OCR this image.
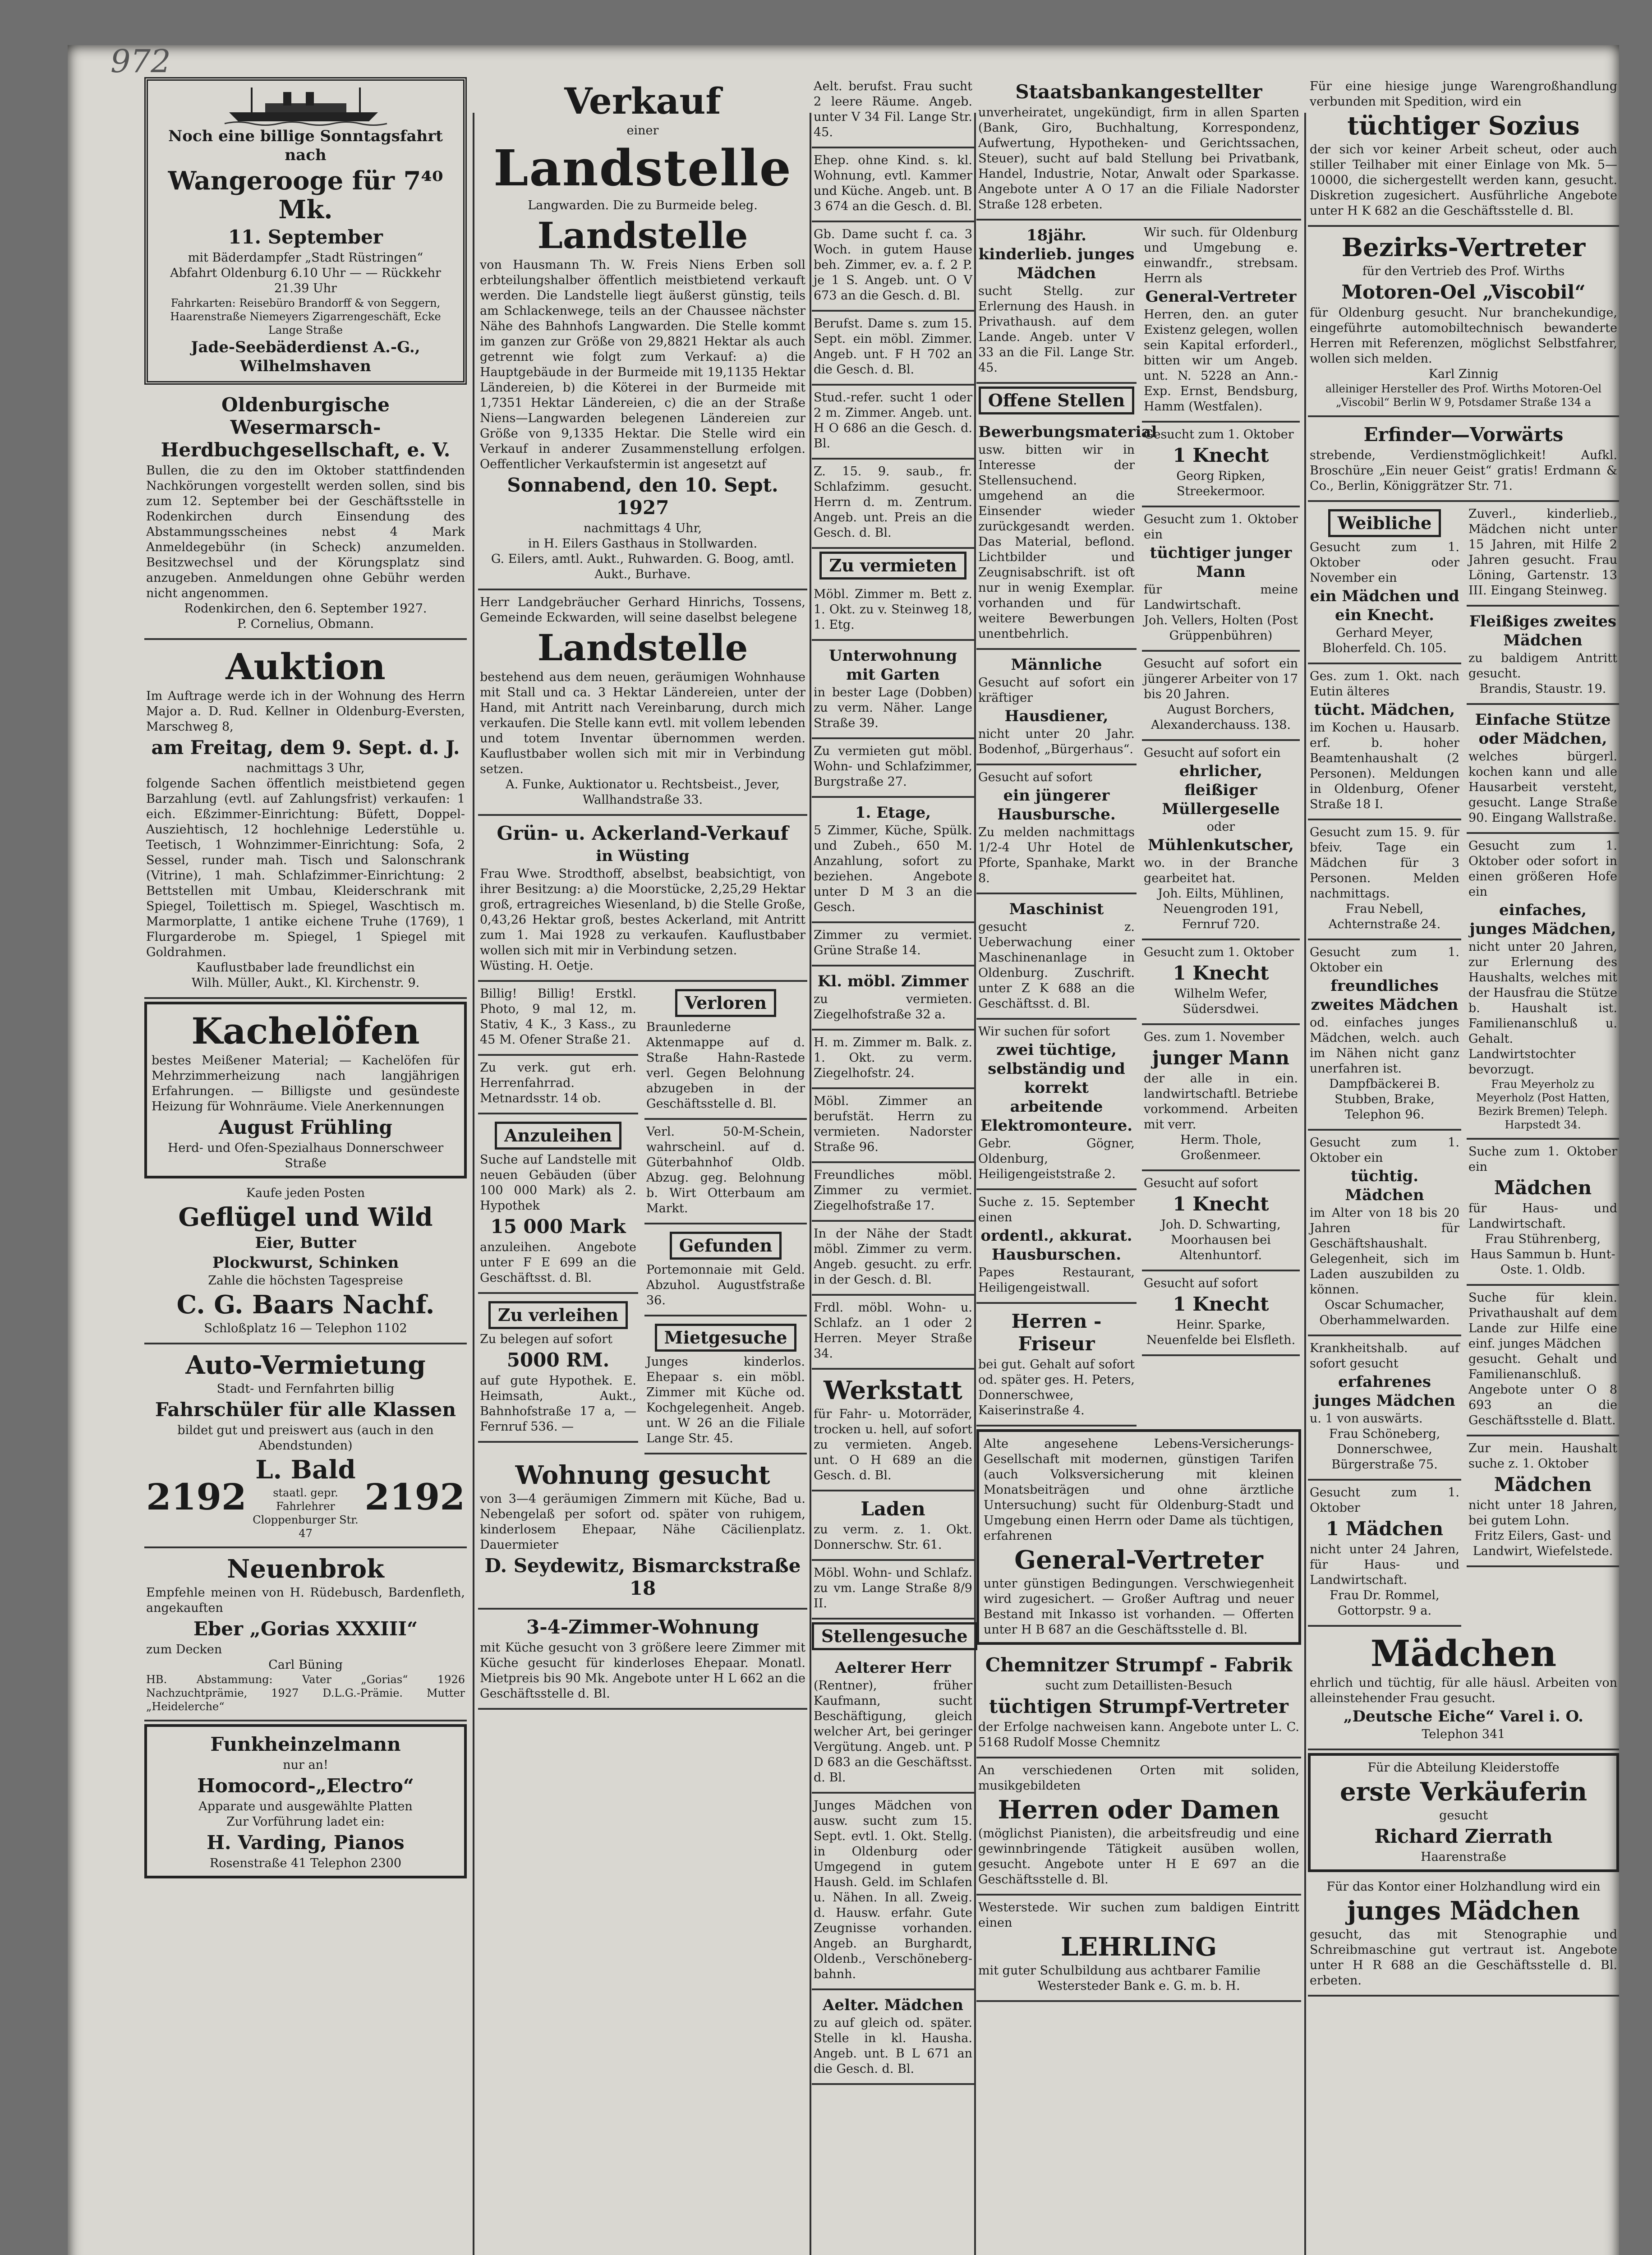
972
Noch eine billige Sonntagsfahrt nach
Wangerooge für 7⁴⁰ Mk.
11. September

mit Bäderdampfer „Stadt Rüstringen“

Abfahrt Oldenburg 6.10 Uhr — — Rückkehr 21.39 Uhr

Fahrkarten: Reisebüro Brandorff & von Seggern, Haarenstraße Niemeyers Zigarrengeschäft, Ecke Lange Straße

Jade-Seebäderdienst A.-G., Wilhelmshaven
Oldenburgische Wesermarsch-Herdbuchgesellschaft, e. V.

Bullen, die zu den im Oktober stattfindenden Nachkörungen vorgestellt werden sollen, sind bis zum 12. September bei der Geschäftsstelle in Rodenkirchen durch Einsendung des Abstammungsscheines nebst 4 Mark Anmeldegebühr (in Scheck) anzumelden. Besitzwechsel und der Körungsplatz sind anzugeben. Anmeldungen ohne Gebühr werden nicht angenommen.

Rodenkirchen, den 6. September 1927.

P. Cornelius, Obmann.

Auktion

Im Auftrage werde ich in der Wohnung des Herrn Major a. D. Rud. Kellner in Oldenburg-Eversten, Marschweg 8,

am Freitag, dem 9. Sept. d. J.

nachmittags 3 Uhr,

folgende Sachen öffentlich meistbietend gegen Barzahlung (evtl. auf Zahlungsfrist) verkaufen: 1 eich. Eßzimmer-Einrichtung: Büfett, Doppel-Ausziehtisch, 12 hochlehnige Lederstühle u. Teetisch, 1 Wohnzimmer-Einrichtung: Sofa, 2 Sessel, runder mah. Tisch und Salonschrank (Vitrine), 1 mah. Schlafzimmer-Einrichtung: 2 Bettstellen mit Umbau, Kleiderschrank mit Spiegel, Toilettisch m. Spiegel, Waschtisch m. Marmorplatte, 1 antike eichene Truhe (1769), 1 Flurgarderobe m. Spiegel, 1 Spiegel mit Goldrahmen.

Kauflustbaber lade freundlichst ein

Wilh. Müller, Aukt., Kl. Kirchenstr. 9.

Kachelöfen

bestes Meißener Material; — Kachelöfen für Mehrzimmerheizung nach langjährigen Erfahrungen. — Billigste und gesündeste Heizung für Wohnräume. Viele Anerkennungen

August Frühling

Herd- und Ofen-Spezialhaus Donnerschweer Straße

Kaufe jeden Posten

Geflügel und Wild
Eier, Butter
Plockwurst, Schinken

Zahle die höchsten Tagespreise

C. G. Baars Nachf.

Schloßplatz 16 — Telephon 1102

Auto-Vermietung

Stadt- und Fernfahrten billig

Fahrschüler für alle Klassen

bildet gut und preiswert aus (auch in den Abendstunden)

2192
L. Bald

staatl. gepr. Fahrlehrer Cloppenburger Str. 47

2192
Neuenbrok

Empfehle meinen von H. Rüdebusch, Bardenfleth, angekauften

Eber „Gorias XXXIII“

zum Decken

Carl Büning

HB. Abstammung: Vater „Gorias“ 1926 Nachzuchtprämie, 1927 D.L.G.-Prämie. Mutter „Heidelerche“

Funkheinzelmann

nur an!

Homocord-„Electro“

Apparate und ausgewählte Platten

Zur Vorführung ladet ein:

H. Varding, Pianos

Rosenstraße 41 Telephon 2300

Verkauf

einer

Landstelle

Langwarden. Die zu Burmeide beleg.

Landstelle

von Hausmann Th. W. Freis Niens Erben soll erbteilungshalber öffentlich meistbietend verkauft werden. Die Landstelle liegt äußerst günstig, teils am Schlackenwege, teils an der Chaussee nächster Nähe des Bahnhofs Langwarden. Die Stelle kommt im ganzen zur Größe von 29,8821 Hektar als auch getrennt wie folgt zum Verkauf: a) die Hauptgebäude in der Burmeide mit 19,1135 Hektar Ländereien, b) die Köterei in der Burmeide mit 1,7351 Hektar Ländereien, c) die an der Straße Niens—Langwarden belegenen Ländereien zur Größe von 9,1335 Hektar. Die Stelle wird ein Verkauf in anderer Zusammenstellung erfolgen. Oeffentlicher Verkaufstermin ist angesetzt auf

Sonnabend, den 10. Sept. 1927

nachmittags 4 Uhr,

in H. Eilers Gasthaus in Stollwarden.

G. Eilers, amtl. Aukt., Ruhwarden. G. Boog, amtl. Aukt., Burhave.

Herr Landgebräucher Gerhard Hinrichs, Tossens, Gemeinde Eckwarden, will seine daselbst belegene

Landstelle

bestehend aus dem neuen, geräumigen Wohnhause mit Stall und ca. 3 Hektar Ländereien, unter der Hand, mit Antritt nach Vereinbarung, durch mich verkaufen. Die Stelle kann evtl. mit vollem lebenden und totem Inventar übernommen werden. Kauflustbaber wollen sich mit mir in Verbindung setzen.

A. Funke, Auktionator u. Rechtsbeist., Jever, Wallhandstraße 33.

Grün- u. Ackerland-Verkauf
in Wüsting

Frau Wwe. Strodthoff, abselbst, beabsichtigt, von ihrer Besitzung: a) die Moorstücke, 2,25,29 Hektar groß, ertragreiches Wiesenland, b) die Stelle Große, 0,43,26 Hektar groß, bestes Ackerland, mit Antritt zum 1. Mai 1928 zu verkaufen. Kauflustbaber wollen sich mit mir in Verbindung setzen.

Wüsting. H. Oetje.

Billig! Billig! Erstkl. Photo, 9 mal 12, m. Stativ, 4 K., 3 Kass., zu 45 M. Ofener Straße 21.

Zu verk. gut erh. Herrenfahrrad. Metnardsstr. 14 ob.

Anzuleihen

Suche auf Landstelle mit neuen Gebäuden (über 100 000 Mark) als 2. Hypothek

15 000 Mark

anzuleihen. Angebote unter F E 699 an die Geschäftsst. d. Bl.

Zu verleihen

Zu belegen auf sofort

5000 RM.

auf gute Hypothek. E. Heimsath, Aukt., Bahnhofstraße 17 a, — Fernruf 536. —

Verloren

Braunlederne Aktenmappe auf d. Straße Hahn-Rastede verl. Gegen Belohnung abzugeben in der Geschäftsstelle d. Bl.

Verl. 50-M-Schein, wahrscheinl. auf d. Güterbahnhof Oldb. Abzug. geg. Belohnung b. Wirt Otterbaum am Markt.

Gefunden

Portemonnaie mit Geld. Abzuhol. Augustfstraße 36.

Mietgesuche

Junges kinderlos. Ehepaar s. ein möbl. Zimmer mit Küche od. Kochgelegenheit. Angeb. unt. W 26 an die Filiale Lange Str. 45.

Wohnung gesucht

von 3—4 geräumigen Zimmern mit Küche, Bad u. Nebengelaß per sofort od. später von ruhigem, kinderlosem Ehepaar, Nähe Cäcilienplatz. Dauermieter

D. Seydewitz, Bismarckstraße 18
3-4-Zimmer-Wohnung

mit Küche gesucht von 3 größere leere Zimmer mit Küche gesucht für kinderloses Ehepaar. Monatl. Mietpreis bis 90 Mk. Angebote unter H L 662 an die Geschäftsstelle d. Bl.

Aelt. berufst. Frau sucht 2 leere Räume. Angeb. unter V 34 Fil. Lange Str. 45.

Ehep. ohne Kind. s. kl. Wohnung, evtl. Kammer und Küche. Angeb. unt. B 3 674 an die Gesch. d. Bl.

Gb. Dame sucht f. ca. 3 Woch. in gutem Hause beh. Zimmer, ev. a. f. 2 P. je 1 S. Angeb. unt. O V 673 an die Gesch. d. Bl.

Berufst. Dame s. zum 15. Sept. ein möbl. Zimmer. Angeb. unt. F H 702 an die Gesch. d. Bl.

Stud.-refer. sucht 1 oder 2 m. Zimmer. Angeb. unt. H O 686 an die Gesch. d. Bl.

Z. 15. 9. saub., fr. Schlafzimm. gesucht. Herrn d. m. Zentrum. Angeb. unt. Preis an die Gesch. d. Bl.

Zu vermieten

Möbl. Zimmer m. Bett z. 1. Okt. zu v. Steinweg 18, 1. Etg.

Unterwohnung mit Garten

in bester Lage (Dobben) zu verm. Näher. Lange Straße 39.

Zu vermieten gut möbl. Wohn- und Schlafzimmer, Burgstraße 27.

1. Etage,

5 Zimmer, Küche, Spülk. und Zubeh., 650 M. Anzahlung, sofort zu beziehen. Angebote unter D M 3 an die Gesch.

Zimmer zu vermiet. Grüne Straße 14.

Kl. möbl. Zimmer

zu vermieten. Ziegelhofstraße 32 a.

H. m. Zimmer m. Balk. z. 1. Okt. zu verm. Ziegelhofstr. 24.

Möbl. Zimmer an berufstät. Herrn zu vermieten. Nadorster Straße 96.

Freundliches möbl. Zimmer zu vermiet. Ziegelhofstraße 17.

In der Nähe der Stadt möbl. Zimmer zu verm. Angeb. gesucht. zu erfr. in der Gesch. d. Bl.

Frdl. möbl. Wohn- u. Schlafz. an 1 oder 2 Herren. Meyer Straße 34.

Werkstatt

für Fahr- u. Motorräder, trocken u. hell, auf sofort zu vermieten. Angeb. unt. O H 689 an die Gesch. d. Bl.

Laden

zu verm. z. 1. Okt. Donnerschw. Str. 61.

Möbl. Wohn- und Schlafz. zu vm. Lange Straße 8/9 II.

Stellengesuche
Aelterer Herr

(Rentner), früher Kaufmann, sucht Beschäftigung, gleich welcher Art, bei geringer Vergütung. Angeb. unt. P D 683 an die Geschäftsst. d. Bl.

Junges Mädchen von ausw. sucht zum 15. Sept. evtl. 1. Okt. Stellg. in Oldenburg oder Umgegend in gutem Haush. Geld. im Schlafen u. Nähen. In all. Zweig. d. Hausw. erfahr. Gute Zeugnisse vorhanden. Angeb. an Burghardt, Oldenb., Verschöneberg-bahnh.

Aelter. Mädchen

zu auf gleich od. später. Stelle in kl. Hausha. Angeb. unt. B L 671 an die Gesch. d. Bl.

Staatsbankangestellter

unverheiratet, ungekündigt, firm in allen Sparten (Bank, Giro, Buchhaltung, Korrespondenz, Aufwertung, Hypotheken- und Gerichtssachen, Steuer), sucht auf bald Stellung bei Privatbank, Handel, Industrie, Notar, Anwalt oder Sparkasse. Angebote unter A O 17 an die Filiale Nadorster Straße 128 erbeten.

18jähr. kinderlieb. junges Mädchen

sucht Stellg. zur Erlernung des Haush. in Privathaush. auf dem Lande. Angeb. unter V 33 an die Fil. Lange Str. 45.

Offene Stellen
Bewerbungsmaterial

usw. bitten wir in Interesse der Stellensuchend. umgehend an die Einsender wieder zurückgesandt werden. Das Material, beflond. Lichtbilder und Zeugnisabschrift. ist oft nur in wenig Exemplar. vorhanden und für weitere Bewerbungen unentbehrlich.

Männliche

Gesucht auf sofort ein kräftiger

Hausdiener,

nicht unter 20 Jahr. Bodenhof, „Bürgerhaus“.

Gesucht auf sofort

ein jüngerer Hausbursche.

Zu melden nachmittags 1/2-4 Uhr Hotel de Pforte, Spanhake, Markt 8.

Maschinist

gesucht z. Ueberwachung einer Maschinenanlage in Oldenburg. Zuschrift. unter Z K 688 an die Geschäftsst. d. Bl.

Wir suchen für sofort

zwei tüchtige, selbständig und korrekt arbeitende Elektromonteure.

Gebr. Gögner, Oldenburg, Heiligengeiststraße 2.

Suche z. 15. September einen

ordentl., akkurat. Hausburschen.

Papes Restaurant, Heiligengeistwall.

Herren - Friseur

bei gut. Gehalt auf sofort od. später ges. H. Peters, Donnerschwee, Kaiserinstraße 4.

Wir such. für Oldenburg und Umgebung e. einwandfr., strebsam. Herrn als

General-Vertreter

Herren, den. an guter Existenz gelegen, wollen sein Kapital erforderl., bitten wir um Angeb. unt. N. 5228 an Ann.-Exp. Ernst, Bendsburg, Hamm (Westfalen).

Gesucht zum 1. Oktober

1 Knecht

Georg Ripken, Streekermoor.

Gesucht zum 1. Oktober ein

tüchtiger junger Mann

für meine Landwirtschaft.

Joh. Vellers, Holten (Post Grüppenbühren)

Gesucht auf sofort ein jüngerer Arbeiter von 17 bis 20 Jahren.

August Borchers, Alexanderchauss. 138.

Gesucht auf sofort ein

ehrlicher, fleißiger Müllergeselle

oder

Mühlenkutscher,

wo. in der Branche gearbeitet hat.

Joh. Eilts, Mühlinen, Neuengroden 191, Fernruf 720.

Gesucht zum 1. Oktober

1 Knecht

Wilhelm Wefer, Südersdwei.

Ges. zum 1. November

junger Mann

der alle in ein. landwirtschaftl. Betriebe vorkommend. Arbeiten mit verr.

Herm. Thole, Großenmeer.

Gesucht auf sofort

1 Knecht

Joh. D. Schwarting, Moorhausen bei Altenhuntorf.

Gesucht auf sofort

1 Knecht

Heinr. Sparke, Neuenfelde bei Elsfleth.

Alte angesehene Lebens-Versicherungs-Gesellschaft mit modernen, günstigen Tarifen (auch Volksversicherung mit kleinen Monatsbeiträgen und ohne ärztliche Untersuchung) sucht für Oldenburg-Stadt und Umgebung einen Herrn oder Dame als tüchtigen, erfahrenen

General-Vertreter

unter günstigen Bedingungen. Verschwiegenheit wird zugesichert. — Großer Auftrag und neuer Bestand mit Inkasso ist vorhanden. — Offerten unter H B 687 an die Geschäftsstelle d. Bl.

Chemnitzer Strumpf - Fabrik

sucht zum Detaillisten-Besuch

tüchtigen Strumpf-Vertreter

der Erfolge nachweisen kann. Angebote unter L. C. 5168 Rudolf Mosse Chemnitz

An verschiedenen Orten mit soliden, musikgebildeten

Herren oder Damen

(möglichst Pianisten), die arbeitsfreudig und eine gewinnbringende Tätigkeit ausüben wollen, gesucht. Angebote unter H E 697 an die Geschäftsstelle d. Bl.

Westerstede. Wir suchen zum baldigen Eintritt einen

LEHRLING

mit guter Schulbildung aus achtbarer Familie

Westersteder Bank e. G. m. b. H.

Für eine hiesige junge Warengroßhandlung verbunden mit Spedition, wird ein

tüchtiger Sozius

der sich vor keiner Arbeit scheut, oder auch stiller Teilhaber mit einer Einlage von Mk. 5—10000, die sichergestellt werden kann, gesucht. Diskretion zugesichert. Ausführliche Angebote unter H K 682 an die Geschäftsstelle d. Bl.

Bezirks-Vertreter

für den Vertrieb des Prof. Wirths

Motoren-Oel „Viscobil“

für Oldenburg gesucht. Nur branchekundige, eingeführte automobiltechnisch bewanderte Herren mit Referenzen, möglichst Selbstfahrer, wollen sich melden.

Karl Zinnig

alleiniger Hersteller des Prof. Wirths Motoren-Oel „Viscobil“ Berlin W 9, Potsdamer Straße 134 a

Erfinder—Vorwärts

strebende, Verdienstmöglichkeit! Aufkl. Broschüre „Ein neuer Geist“ gratis! Erdmann & Co., Berlin, Königgrätzer Str. 71.

Weibliche

Gesucht zum 1. Oktober oder November ein

ein Mädchen und ein Knecht.

Gerhard Meyer, Bloherfeld. Ch. 105.

Ges. zum 1. Okt. nach Eutin älteres

tücht. Mädchen,

im Kochen u. Hausarb. erf. b. hoher Beamtenhaushalt (2 Personen). Meldungen in Oldenburg, Ofener Straße 18 I.

Gesucht zum 15. 9. für bfeiv. Tage ein Mädchen für 3 Personen. Melden nachmittags.

Frau Nebell, Achternstraße 24.

Gesucht zum 1. Oktober ein

freundliches zweites Mädchen

od. einfaches junges Mädchen, welch. auch im Nähen nicht ganz unerfahren ist.

Dampfbäckerei B. Stubben, Brake, Telephon 96.

Gesucht zum 1. Oktober ein

tüchtig. Mädchen

im Alter von 18 bis 20 Jahren für Geschäftshaushalt. Gelegenheit, sich im Laden auszubilden zu können.

Oscar Schumacher, Oberhammelwarden.

Krankheitshalb. auf sofort gesucht

erfahrenes junges Mädchen

u. 1 von auswärts.

Frau Schöneberg, Donnerschwee, Bürgerstraße 75.

Gesucht zum 1. Oktober

1 Mädchen

nicht unter 24 Jahren, für Haus- und Landwirtschaft.

Frau Dr. Rommel, Gottorpstr. 9 a.

Zuverl., kinderlieb., Mädchen nicht unter 15 Jahren, mit Hilfe 2 Jahren gesucht. Frau Löning, Gartenstr. 13 III. Eingang Steinweg.

Fleißiges zweites Mädchen

zu baldigem Antritt gesucht.

Brandis, Staustr. 19.

Einfache Stütze oder Mädchen,

welches bürgerl. kochen kann und alle Hausarbeit versteht, gesucht. Lange Straße 90. Eingang Wallstraße.

Gesucht zum 1. Oktober oder sofort in einen größeren Hofe ein

einfaches, junges Mädchen,

nicht unter 20 Jahren, zur Erlernung des Haushalts, welches mit der Hausfrau die Stütze b. Haushalt ist. Familienanschluß u. Gehalt. Landwirtstochter bevorzugt.

Frau Meyerholz zu Meyerholz (Post Hatten, Bezirk Bremen) Teleph. Harpstedt 34.

Suche zum 1. Oktober ein

Mädchen

für Haus- und Landwirtschaft.

Frau Stührenberg, Haus Sammun b. Hunt-Oste. 1. Oldb.

Suche für klein. Privathaushalt auf dem Lande zur Hilfe eine einf. junges Mädchen

gesucht. Gehalt und Familienanschluß. Angebote unter O 8 693 an die Geschäftsstelle d. Blatt.

Zur mein. Haushalt suche z. 1. Oktober

Mädchen

nicht unter 18 Jahren, bei gutem Lohn.

Fritz Eilers, Gast- und Landwirt, Wiefelstede.

Mädchen

ehrlich und tüchtig, für alle häusl. Arbeiten von alleinstehender Frau gesucht.

„Deutsche Eiche“ Varel i. O.

Telephon 341

Für die Abteilung Kleiderstoffe

erste Verkäuferin

gesucht

Richard Zierrath

Haarenstraße

Für das Kontor einer Holzhandlung wird ein

junges Mädchen

gesucht, das mit Stenographie und Schreibmaschine gut vertraut ist. Angebote unter H R 688 an die Geschäftsstelle d. Bl. erbeten.
